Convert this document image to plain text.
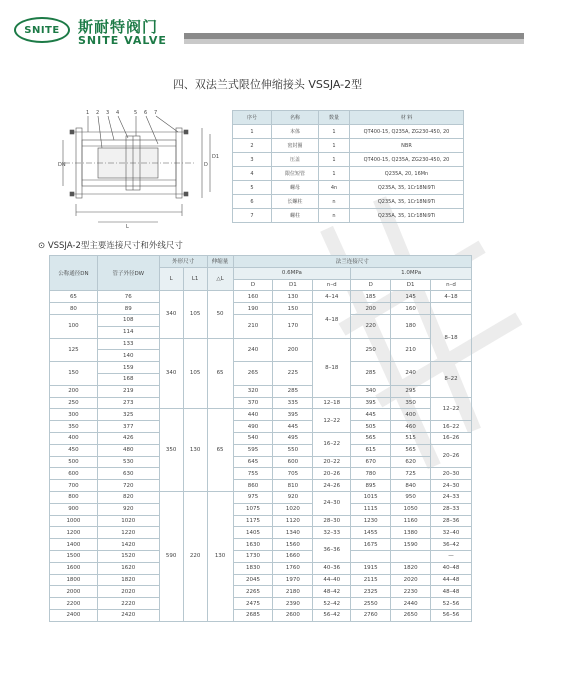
SNITE 斯耐特阀门
SNITE VALVE
四、双法兰式限位伸缩接头 VSSJA-2型
1 2 3 4	5 6 7
D
D1
DN
L
序号	名称	数量	材 料
1	本体	1	QT400-15, Q235A, ZG230-450, 20
2	密封圈	1	NBR
3	压盖	1	QT400-15, Q235A, ZG230-450, 20
4	限位短管	1	Q235A, 20, 16Mn
5	螺母	4n	Q235A, 35, 1Cr18Ni9Ti
6	长螺柱	n	Q235A, 35, 1Cr18Ni9Ti
7	螺柱	n	Q235A, 35, 1Cr18Ni9Ti
⊙ VSSJA-2型主要连接尺寸和外线尺寸
公称通径DN	管子外径DW	外形尺寸		伸缩量	法兰连接尺寸					
		L	L1	△L	0.6MPa			1.0MPa		
					D	D1	n–d	D	D1	n–d
65	76	340	105	50	160	130	4–14	185	145	4–18
80	89				190	150	4–18	200	160	
100	108				210	170		220	180	8–18
	114									
125	133	340	105	65	240	200	8–18	250	210	
	140									
150	159				265	225		285	240	8–22
	168									
200	219				320	285		340	295	
250	273				370	335	12–18	395	350	12–22
300	325	350	130	65	440	395	12–22	445	400	
350	377				490	445		505	460	16–22
400	426				540	495	16–22	565	515	16–26
450	480				595	550		615	565	20–26
500	530				645	600	20–22	670	620	
600	630				755	705	20–26	780	725	20–30
700	720				860	810	24–26	895	840	24–30
800	820	590	220	130	975	920	24–30	1015	950	24–33
900	920				1075	1020		1115	1050	28–33
1000	1020				1175	1120	28–30	1230	1160	28–36
1200	1220				1405	1340	32–33	1455	1380	32–40
1400	1420				1630	1560	36–36	1675	1590	36–42
1500	1520				1730	1660				—
1600	1620				1830	1760	40–36	1915	1820	40–48
1800	1820				2045	1970	44–40	2115	2020	44–48
2000	2020				2265	2180	48–42	2325	2230	48–48
2200	2220				2475	2390	52–42	2550	2440	52–56
2400	2420				2685	2600	56–42	2760	2650	56–56
